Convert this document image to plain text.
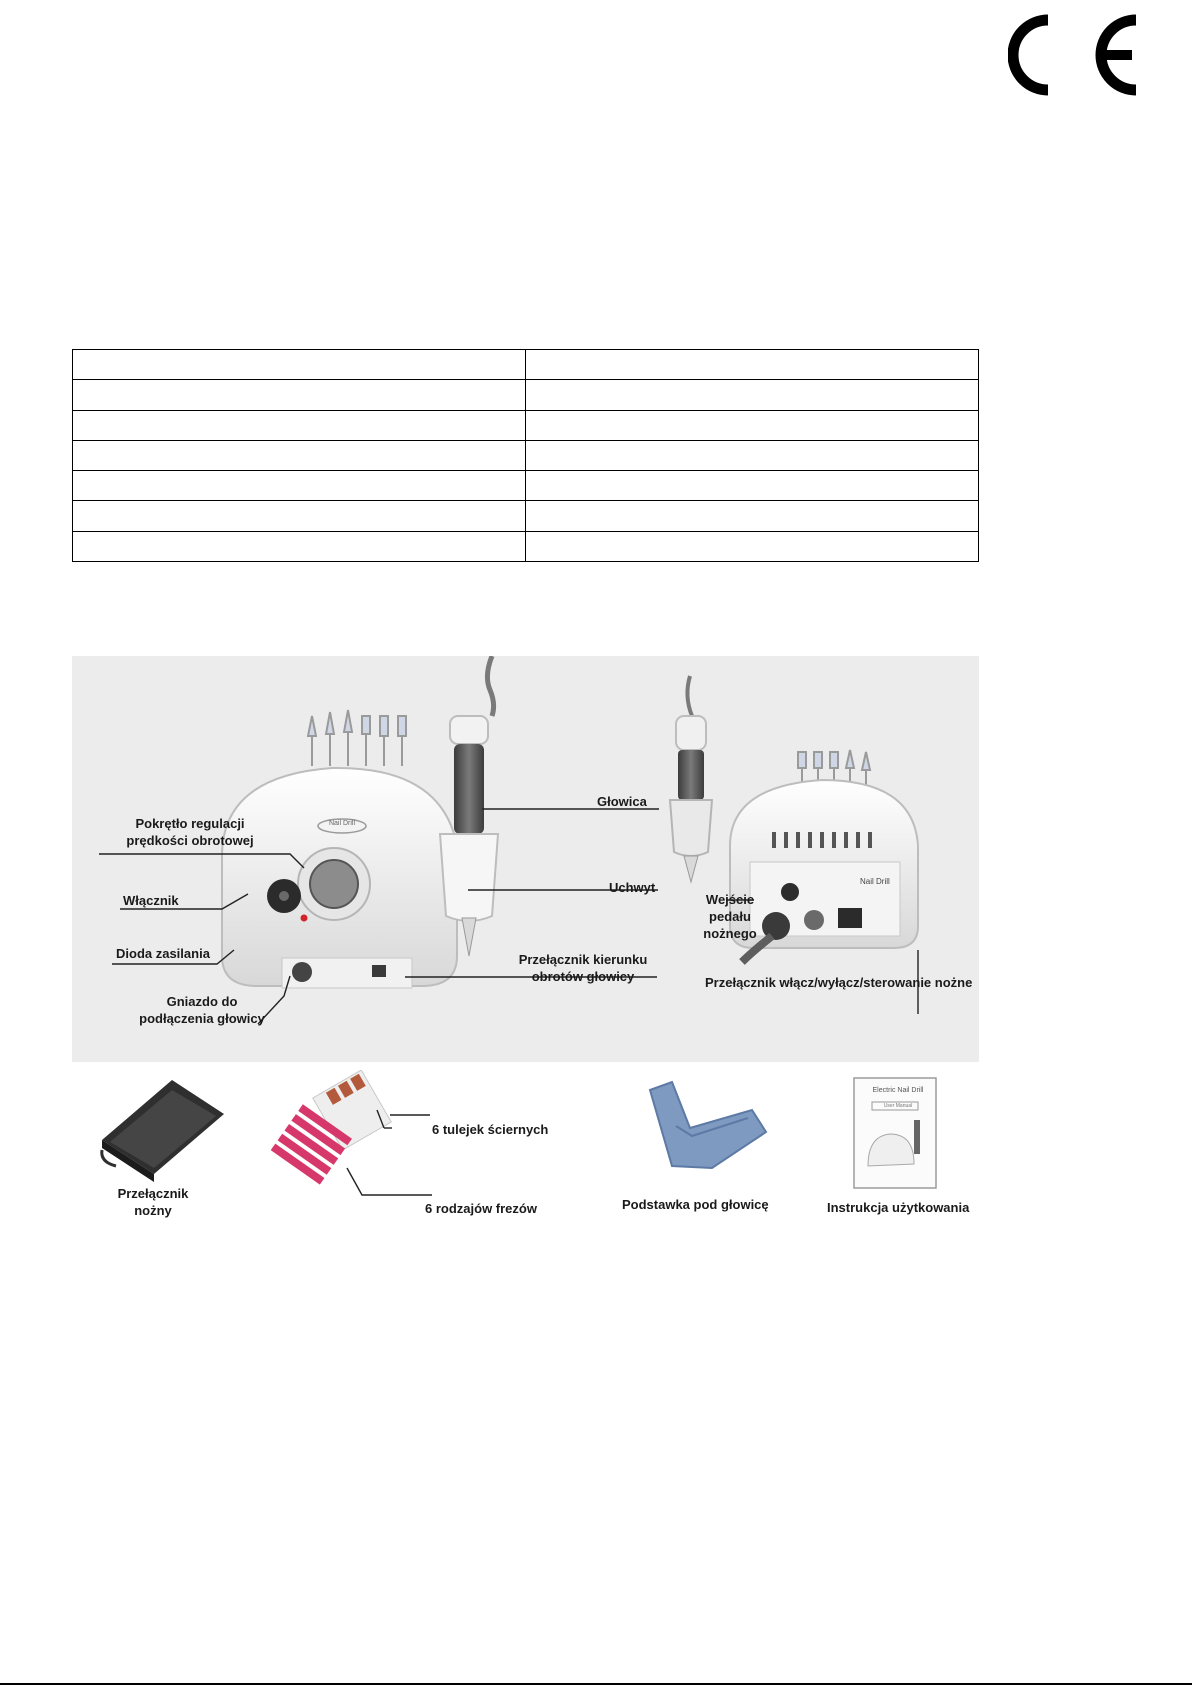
Pokrętło regulacji
prędkości obrotowej
Włącznik
Dioda zasilania
Gniazdo do
podłączenia głowicy
Głowica
Uchwyt
Przełącznik kierunku
obrotów głowicy
Wejście
pedału
nożnego
Przełącznik włącz/wyłącz/sterowanie nożne
Nail Drill
Nail Drill
Electric Nail Drill
User Manual
Przełącznik
nożny
6 tulejek ściernych
6 rodzajów frezów	Podstawka pod głowicę	Instrukcja użytkowania
